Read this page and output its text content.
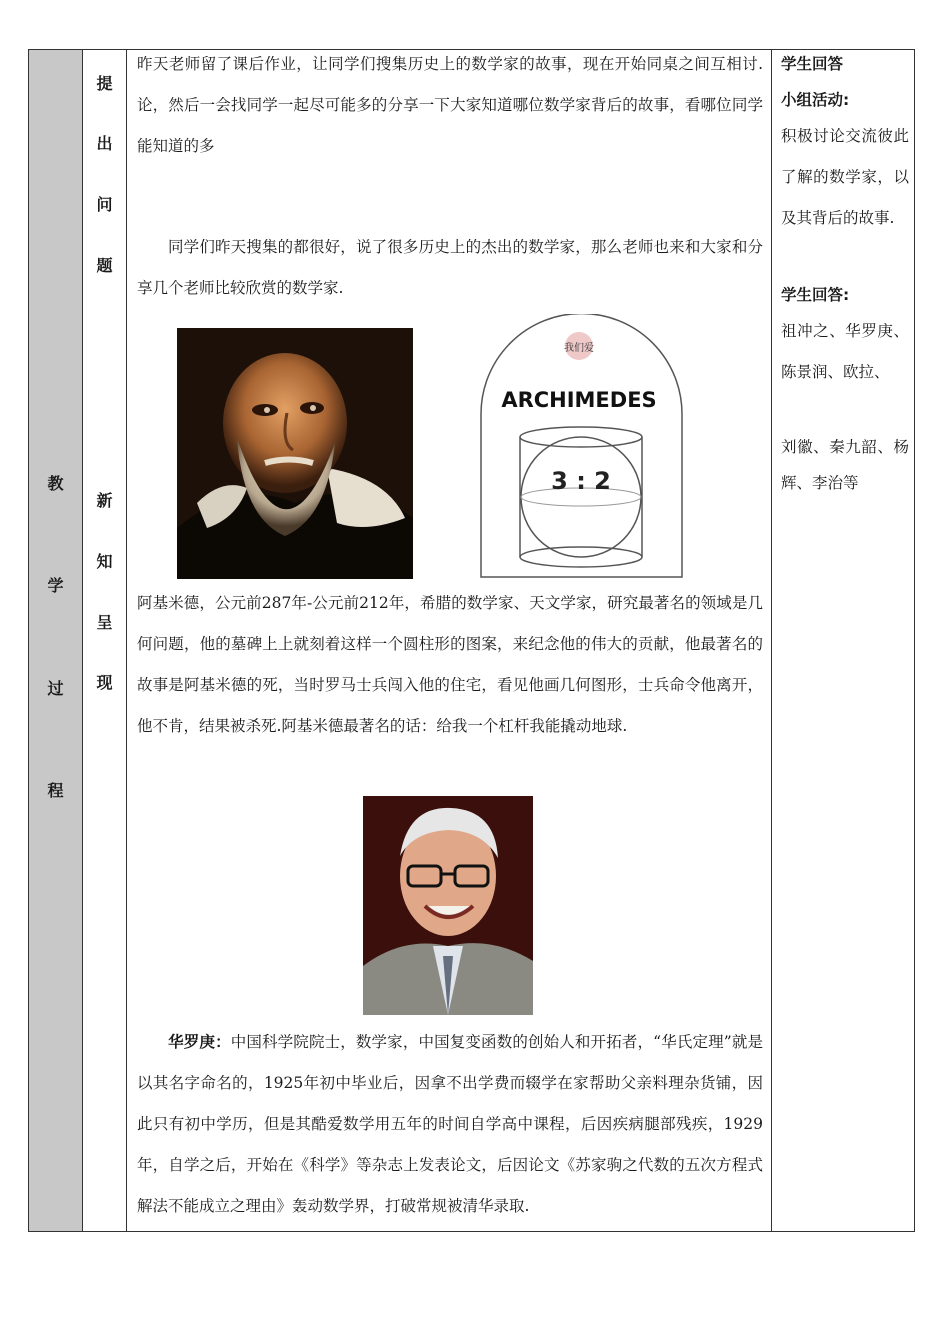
教
学
过
程
提
出
问
题
新
知
呈
现
昨天老师留了课后作业，让同学们搜集历史上的数学家的故事，现在开始同桌之间互相讨.论，然后一会找同学一起尽可能多的分享一下大家知道哪位数学家背后的故事，看哪位同学能知道的多
同学们昨天搜集的都很好，说了很多历史上的杰出的数学家，那么老师也来和大家和分享几个老师比较欣赏的数学家.
我们爱
ARCHIMEDES
3 : 2
阿基米德，公元前287年-公元前212年，希腊的数学家、天文学家，研究最著名的领域是几何问题，他的墓碑上上就刻着这样一个圆柱形的图案，来纪念他的伟大的贡献，他最著名的故事是阿基米德的死，当时罗马士兵闯入他的住宅，看见他画几何图形，士兵命令他离开，他不肯，结果被杀死.阿基米德最著名的话：给我一个杠杆我能撬动地球.
华罗庚：中国科学院院士，数学家，中国复变函数的创始人和开拓者，“华氏定理”就是以其名字命名的，1925年初中毕业后，因拿不出学费而辍学在家帮助父亲料理杂货铺，因此只有初中学历，但是其酷爱数学用五年的时间自学高中课程，后因疾病腿部残疾，1929年，自学之后，开始在《科学》等杂志上发表论文，后因论文《苏家驹之代数的五次方程式解法不能成立之理由》轰动数学界，打破常规被清华录取.
学生回答
小组活动:
积极讨论交流彼此了解的数学家，以及其背后的故事.
学生回答:
祖冲之、华罗庚、陈景润、欧拉、
刘徽、秦九韶、杨辉、李治等
